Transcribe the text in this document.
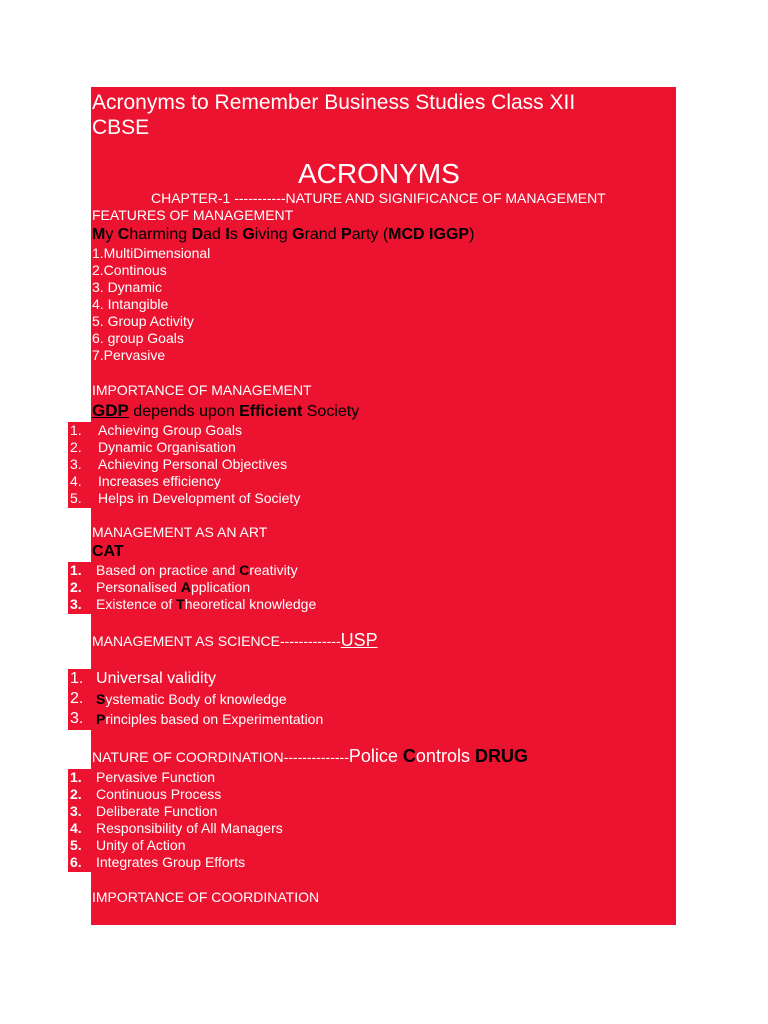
Acronyms to Remember Business Studies Class XII
CBSE
ACRONYMS
CHAPTER-1 -----------NATURE AND SIGNIFICANCE OF MANAGEMENT
FEATURES OF MANAGEMENT
My Charming Dad Is Giving Grand Party (MCD IGGP)
1.MultiDimensional
2.Continous
3. Dynamic
4. Intangible
5. Group Activity
6. group Goals
7.Pervasive
IMPORTANCE OF MANAGEMENT
GDP depends upon Efficient Society
1.
2.
3.
4.
5.
Achieving Group Goals
Dynamic Organisation
Achieving Personal Objectives
Increases efficiency
Helps in Development of Society
MANAGEMENT AS AN ART
CAT
1.
2.
3.
Based on practice and Creativity
Personalised Application
Existence of Theoretical knowledge
MANAGEMENT AS SCIENCE-------------USP
1.
2.
3.
Universal validity
Systematic Body of knowledge
Principles based on Experimentation
NATURE OF COORDINATION--------------Police Controls DRUG
1.
2.
3.
4.
5.
6.
Pervasive Function
Continuous Process
Deliberate Function
Responsibility of All Managers
Unity of Action
Integrates Group Efforts
IMPORTANCE OF COORDINATION
